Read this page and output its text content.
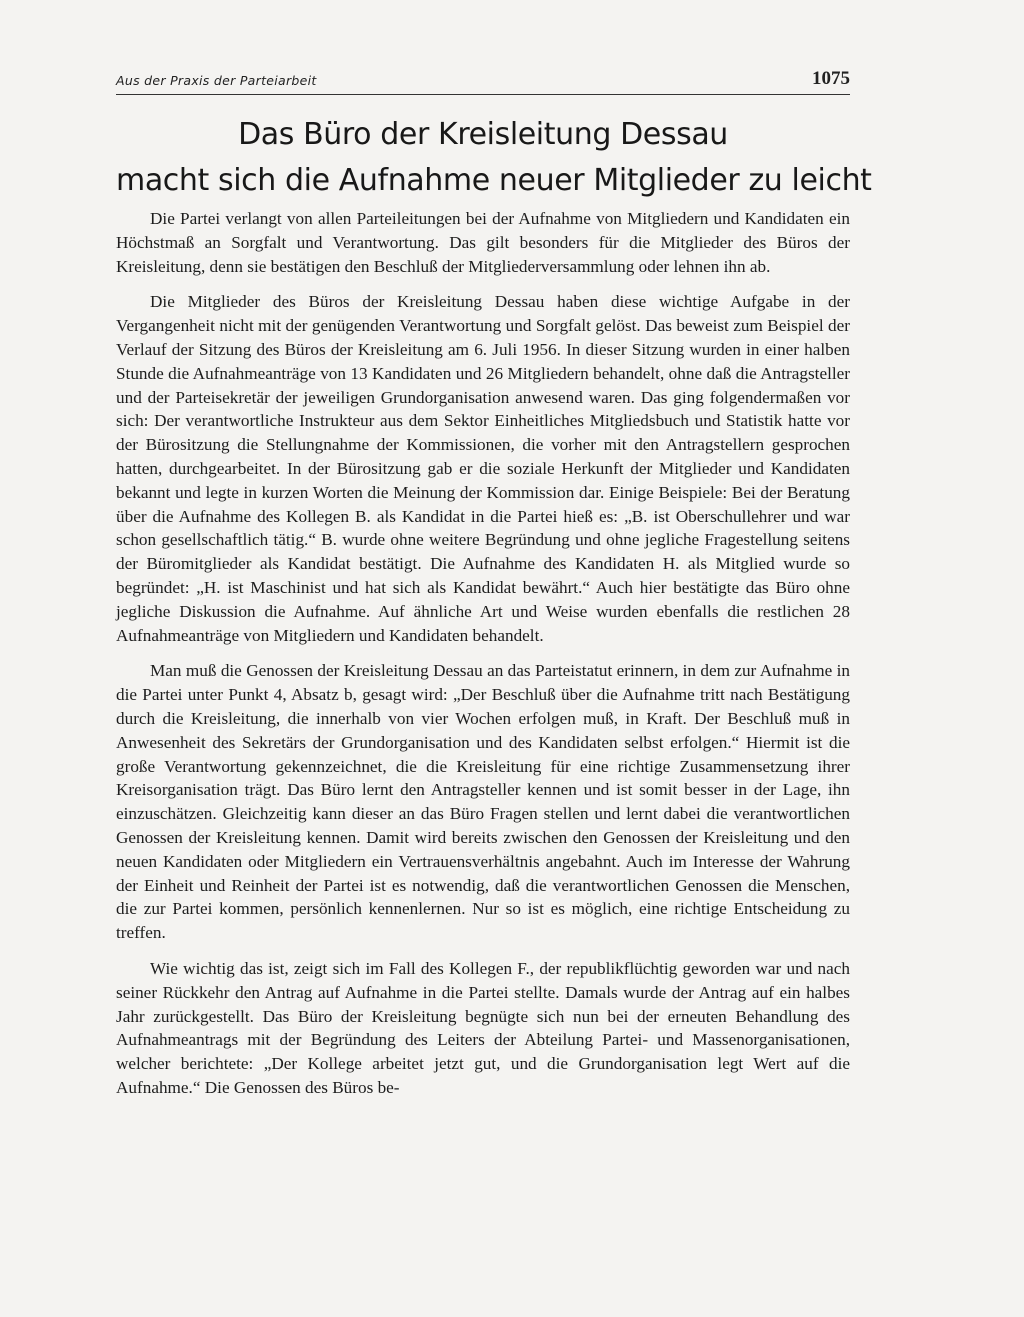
Aus der Praxis der Parteiarbeit	1075
Das Büro der Kreisleitung Dessau
macht sich die Aufnahme neuer Mitglieder zu leicht

Die Partei verlangt von allen Parteileitungen bei der Aufnahme von Mitgliedern und Kandidaten ein Höchstmaß an Sorgfalt und Verantwortung. Das gilt besonders für die Mitglieder des Büros der Kreisleitung, denn sie bestätigen den Beschluß der Mitgliederversammlung oder lehnen ihn ab.

Die Mitglieder des Büros der Kreisleitung Dessau haben diese wichtige Aufgabe in der Vergangenheit nicht mit der genügenden Verantwortung und Sorgfalt gelöst. Das beweist zum Beispiel der Verlauf der Sitzung des Büros der Kreisleitung am 6. Juli 1956. In dieser Sitzung wurden in einer halben Stunde die Aufnahmeanträge von 13 Kandidaten und 26 Mitgliedern behandelt, ohne daß die Antragsteller und der Parteisekretär der jeweiligen Grundorganisation anwesend waren. Das ging folgendermaßen vor sich: Der verantwortliche Instrukteur aus dem Sektor Einheitliches Mitgliedsbuch und Statistik hatte vor der Bürositzung die Stellungnahme der Kommissionen, die vorher mit den Antragstellern gesprochen hatten, durchgearbeitet. In der Bürositzung gab er die soziale Herkunft der Mitglieder und Kandidaten bekannt und legte in kurzen Worten die Meinung der Kommission dar. Einige Beispiele: Bei der Beratung über die Aufnahme des Kollegen B. als Kandidat in die Partei hieß es: „B. ist Oberschullehrer und war schon gesellschaftlich tätig.“ B. wurde ohne weitere Begründung und ohne jegliche Fragestellung seitens der Büromitglieder als Kandidat bestätigt. Die Aufnahme des Kandidaten H. als Mitglied wurde so begründet: „H. ist Maschinist und hat sich als Kandidat bewährt.“ Auch hier bestätigte das Büro ohne jegliche Diskussion die Aufnahme. Auf ähnliche Art und Weise wurden ebenfalls die restlichen 28 Aufnahmeanträge von Mitgliedern und Kandidaten behandelt.

Man muß die Genossen der Kreisleitung Dessau an das Parteistatut erinnern, in dem zur Aufnahme in die Partei unter Punkt 4, Absatz b, gesagt wird: „Der Beschluß über die Aufnahme tritt nach Bestätigung durch die Kreisleitung, die innerhalb von vier Wochen erfolgen muß, in Kraft. Der Beschluß muß in Anwesenheit des Sekretärs der Grundorganisation und des Kandidaten selbst erfolgen.“ Hiermit ist die große Verantwortung gekennzeichnet, die die Kreisleitung für eine richtige Zusammensetzung ihrer Kreisorganisation trägt. Das Büro lernt den Antragsteller kennen und ist somit besser in der Lage, ihn einzuschätzen. Gleichzeitig kann dieser an das Büro Fragen stellen und lernt dabei die verantwortlichen Genossen der Kreisleitung kennen. Damit wird bereits zwischen den Genossen der Kreisleitung und den neuen Kandidaten oder Mitgliedern ein Vertrauensverhältnis angebahnt. Auch im Interesse der Wahrung der Einheit und Reinheit der Partei ist es notwendig, daß die verantwortlichen Genossen die Menschen, die zur Partei kommen, persönlich kennenlernen. Nur so ist es möglich, eine richtige Entscheidung zu treffen.

Wie wichtig das ist, zeigt sich im Fall des Kollegen F., der republikflüchtig geworden war und nach seiner Rückkehr den Antrag auf Aufnahme in die Partei stellte. Damals wurde der Antrag auf ein halbes Jahr zurückgestellt. Das Büro der Kreisleitung begnügte sich nun bei der erneuten Behandlung des Aufnahmeantrags mit der Begründung des Leiters der Abteilung Partei- und Massenorganisationen, welcher berichtete: „Der Kollege arbeitet jetzt gut, und die Grundorganisation legt Wert auf die Aufnahme.“ Die Genossen des Büros be-
